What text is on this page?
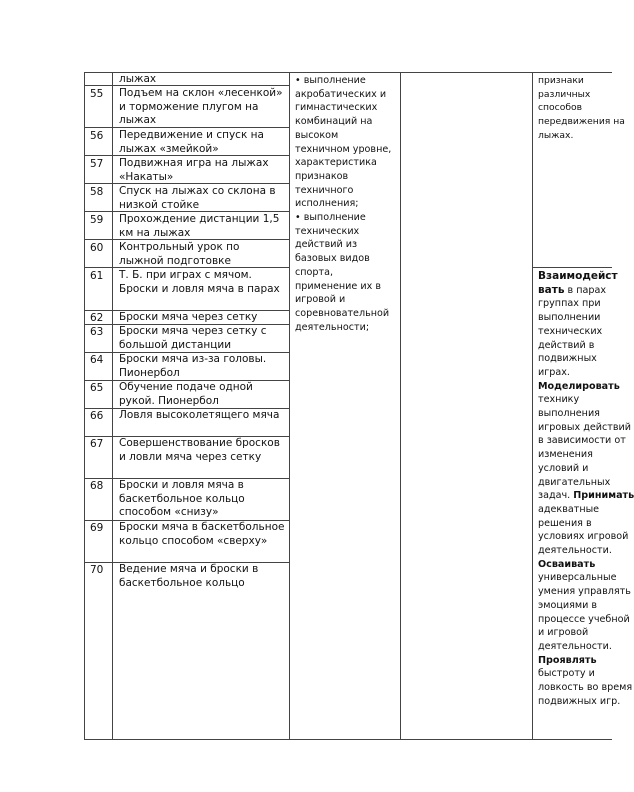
55
56
57
58
59
60
61
62
63
64
65
66
67
68
69
70
лыжах
Подъем на склон «лесенкой» и торможение плугом на лыжах
Передвижение и спуск на лыжах «змейкой»
Подвижная игра на лыжах «Накаты»
Спуск на лыжах со склона в низкой стойке
Прохождение дистанции 1,5 км на лыжах
Контрольный урок по лыжной подготовке
Т. Б. при играх с мячом. Броски и ловля мяча в парах
Броски мяча через сетку
Броски мяча через сетку с большой дистанции
Броски мяча из-за головы. Пионербол
Обучение подаче одной рукой. Пионербол
Ловля высоколетящего мяча
Совершенствование бросков и ловли мяча через сетку
Броски и ловля мяча в баскетбольное кольцо способом «снизу»
Броски мяча в баскетбольное кольцо способом «сверху»
Ведение мяча и броски в баскетбольное кольцо

• выполнение акробатических и гимнастических комбинаций на высоком техничном уровне, характеристика признаков техничного исполнения;

• выполнение технических действий из базовых видов спорта, применение их в игровой и соревновательной деятельности;

признаки
различных
способов
передвижения на
лыжах.
Взаимодейст
вать в парах
группах при
выполнении
технических
действий в
подвижных
играх.
Моделировать
технику
выполнения
игровых действий
в зависимости от
изменения
условий и
двигательных
задач. Принимать
адекватные
решения в
условиях игровой
деятельности.
Осваивать
универсальные
умения управлять
эмоциями в
процессе учебной
и игровой
деятельности.
Проявлять
быстроту и
ловкость во время
подвижных игр.
